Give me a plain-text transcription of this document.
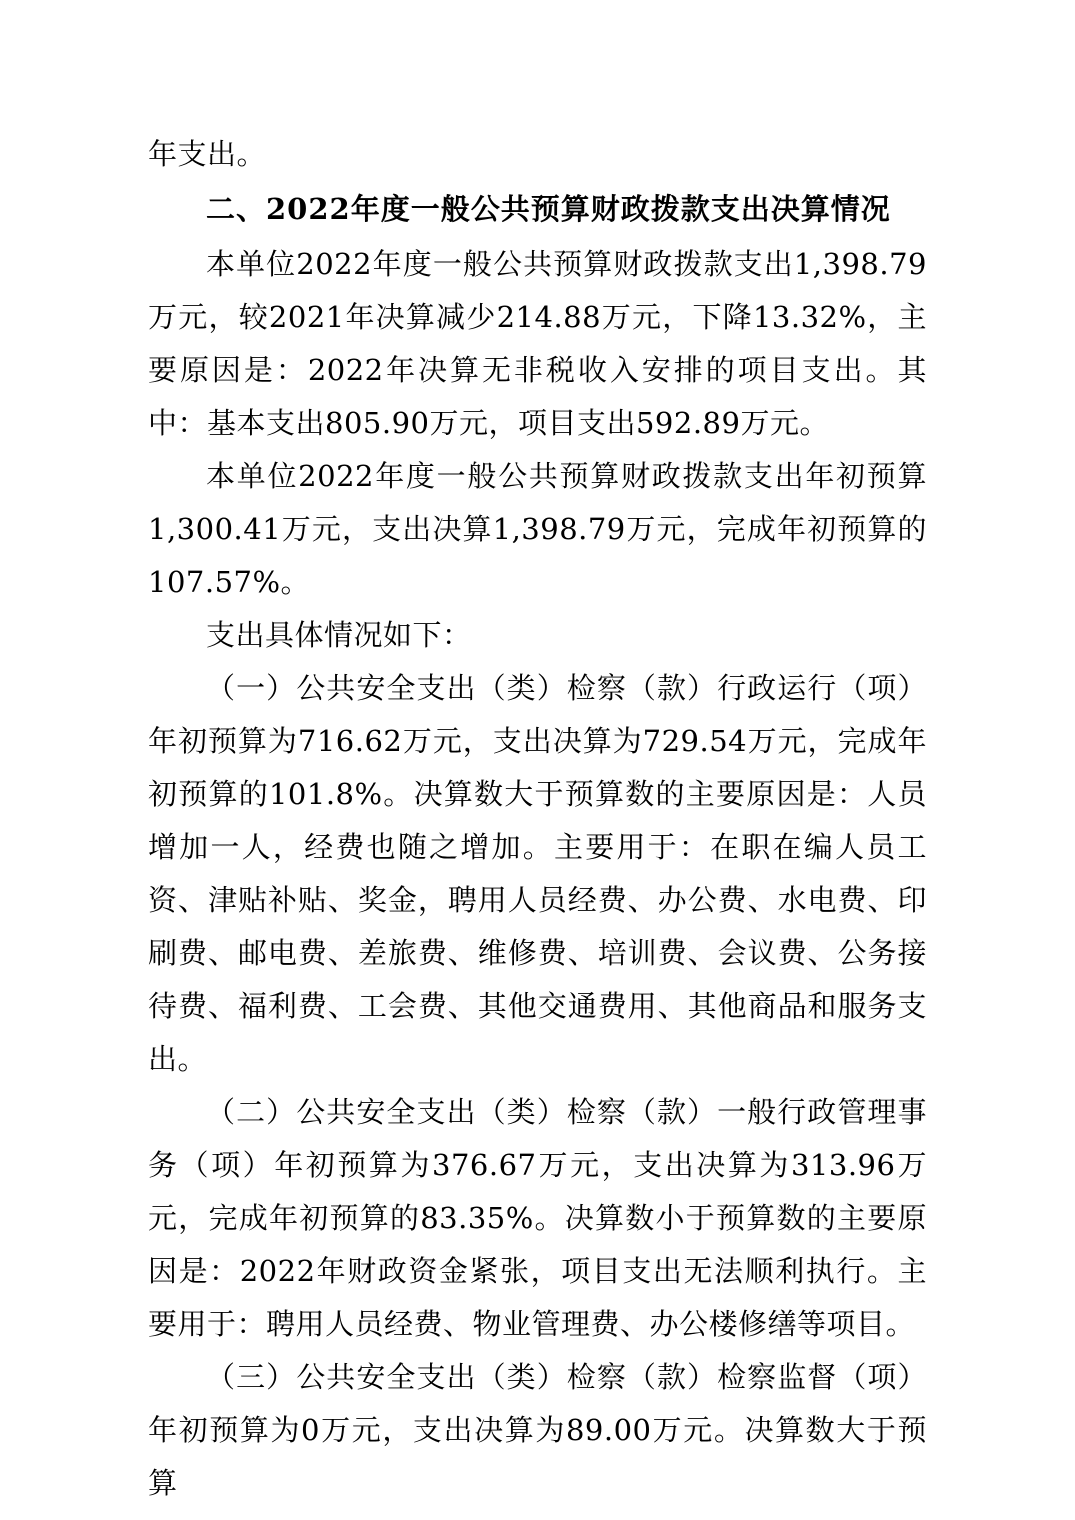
年支出。

二、2022年度一般公共预算财政拨款支出决算情况

本单位2022年度一般公共预算财政拨款支出1,398.79万元，较2021年决算减少214.88万元，下降13.32%，主要原因是：2022年决算无非税收入安排的项目支出。其中：基本支出805.90万元，项目支出592.89万元。

本单位2022年度一般公共预算财政拨款支出年初预算1,300.41万元，支出决算1,398.79万元，完成年初预算的107.57%。

支出具体情况如下：

（一）公共安全支出（类）检察（款）行政运行（项）年初预算为716.62万元，支出决算为729.54万元，完成年初预算的101.8%。决算数大于预算数的主要原因是：人员增加一人，经费也随之增加。主要用于：在职在编人员工资、津贴补贴、奖金，聘用人员经费、办公费、水电费、印刷费、邮电费、差旅费、维修费、培训费、会议费、公务接待费、福利费、工会费、其他交通费用、其他商品和服务支出。

（二）公共安全支出（类）检察（款）一般行政管理事务（项）年初预算为376.67万元，支出决算为313.96万元，完成年初预算的83.35%。决算数小于预算数的主要原因是：2022年财政资金紧张，项目支出无法顺利执行。主要用于：聘用人员经费、物业管理费、办公楼修缮等项目。

（三）公共安全支出（类）检察（款）检察监督（项）年初预算为0万元，支出决算为89.00万元。决算数大于预算
